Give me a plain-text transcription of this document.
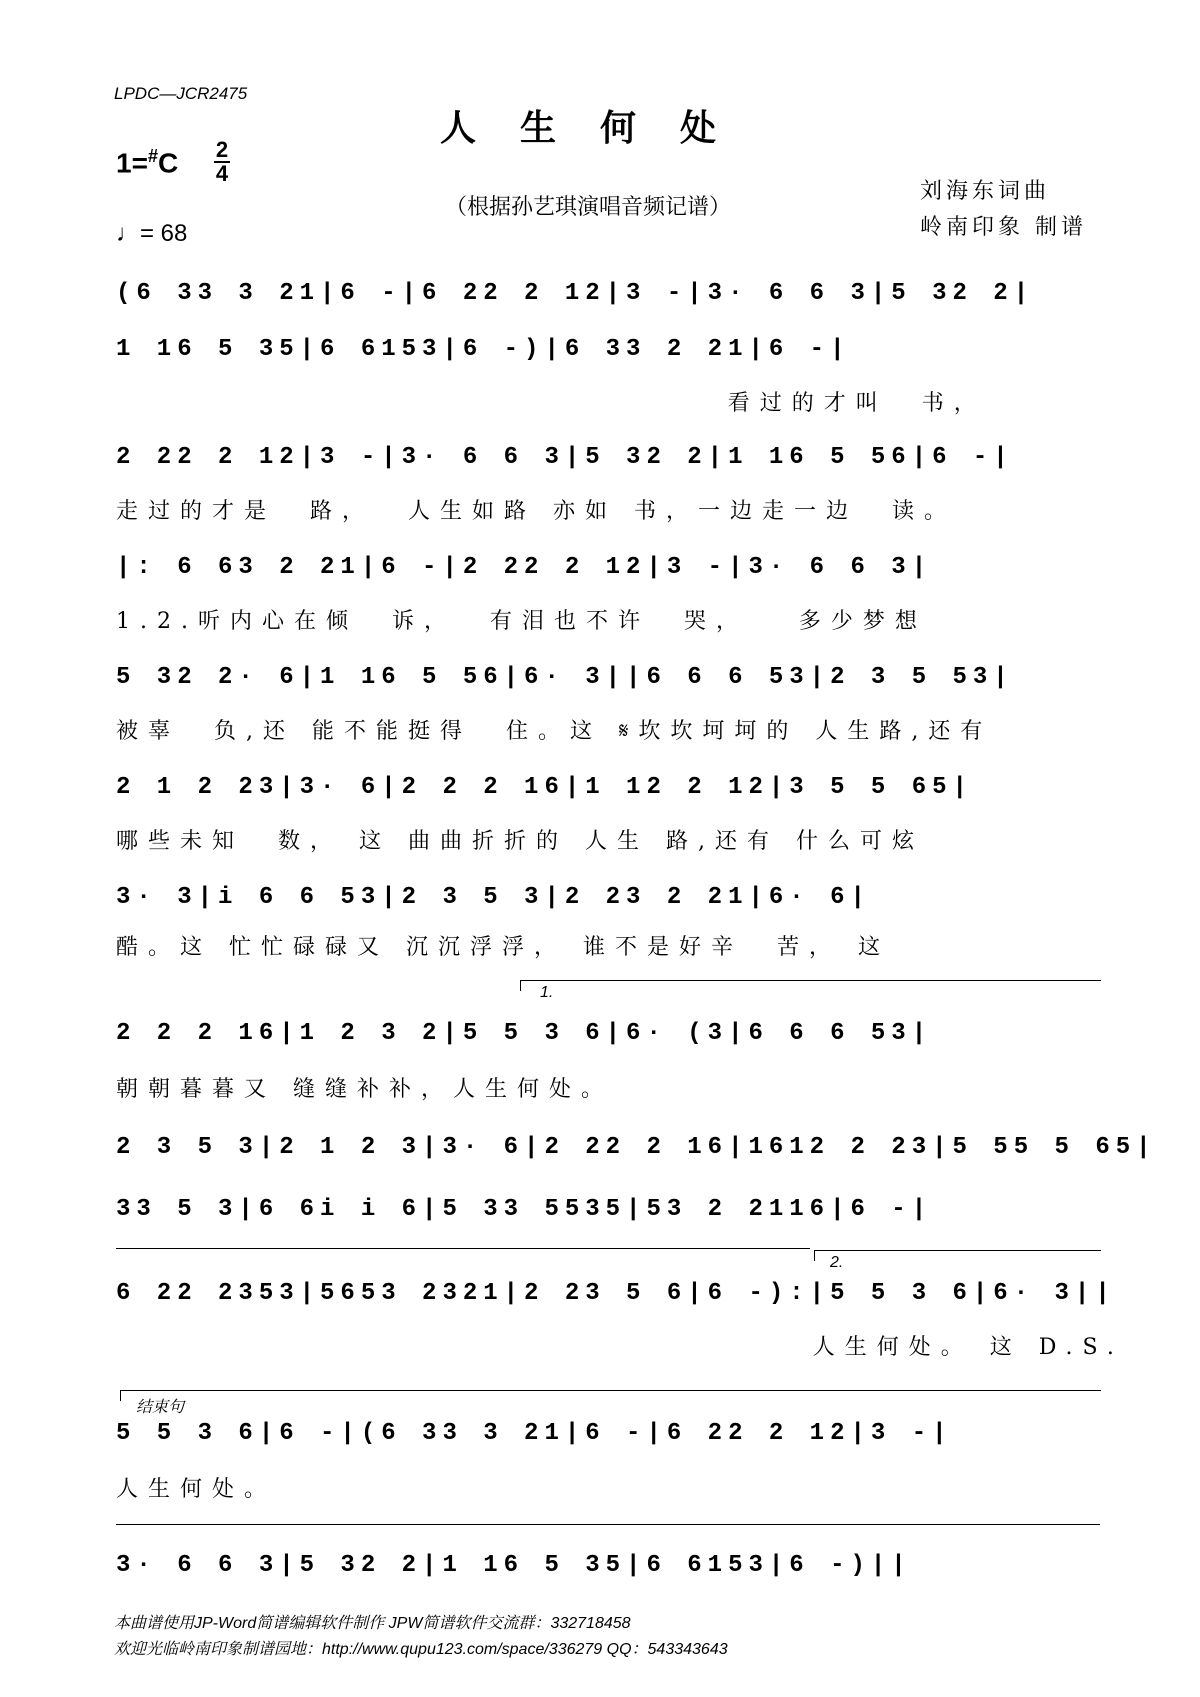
LPDC—JCR2475
人生何处
1=#C 2
4
♩= 68
（根据孙艺琪演唱音频记谱）
刘海东词曲
岭南印象 制谱
(6 33 3 21|6 -|6 22 2 12|3 -|3· 6 6 3|5 32 2|
1 16 5 35|6 6153|6 -)|6 33 2 21|6 -|
看过的才叫  书，
2 22 2 12|3 -|3· 6 6 3|5 32 2|1 16 5 56|6 -|
走过的才是  路，  人生如路 亦如 书，一边走一边  读。
|: 6 63 2 21|6 -|2 22 2 12|3 -|3· 6 6 3|
1.2.听内心在倾  诉，  有泪也不许  哭，   多少梦想
5 32 2· 6|1 16 5 56|6· 3||6 6 6 53|2 3 5 53|
被辜  负,还 能不能挺得  住。这 𝄋坎坎坷坷的 人生路,还有
2 1 2 23|3· 6|2 2 2 16|1 12 2 12|3 5 5 65|
哪些未知  数， 这 曲曲折折的 人生 路,还有 什么可炫
3· 3|i 6 6 53|2 3 5 3|2 23 2 21|6· 6|
酷。这 忙忙碌碌又 沉沉浮浮， 谁不是好辛  苦， 这
1.
2 2 2 16|1 2 3 2|5 5 3 6|6· (3|6 6 6 53|
朝朝暮暮又 缝缝补补，人生何处。
2 3 5 3|2 1 2 3|3· 6|2 22 2 16|1612 2 23|5 55 5 65|
33 5 3|6 6i i 6|5 33 5535|53 2 2116|6 -|
2.
6 22 2353|5653 2321|2 23 5 6|6 -):|5 5 3 6|6· 3||
人生何处。 这 D.S.
结束句
5 5 3 6|6 -|(6 33 3 21|6 -|6 22 2 12|3 -|
人生何处。
3· 6 6 3|5 32 2|1 16 5 35|6 6153|6 -)||
本曲谱使用JP-Word简谱编辑软件制作 JPW简谱软件交流群：332718458
欢迎光临岭南印象制谱园地：http://www.qupu123.com/space/336279 QQ：543343643
